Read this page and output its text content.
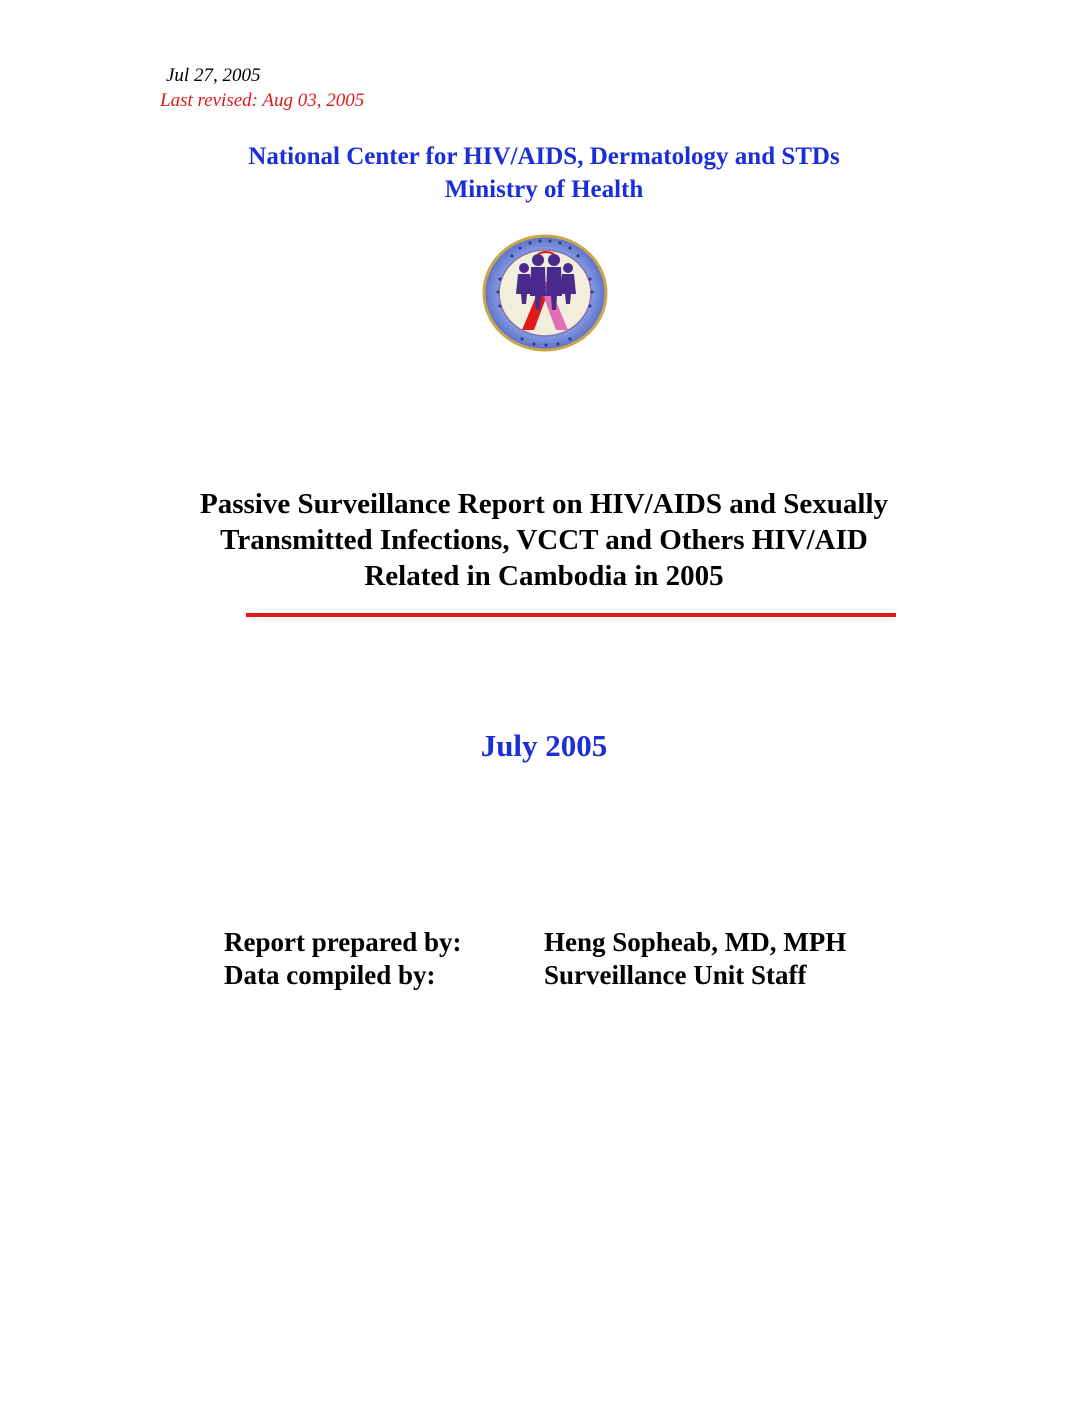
Jul 27, 2005
Last revised: Aug 03, 2005
National Center for HIV/AIDS, Dermatology and STDs
Ministry of Health
Passive Surveillance Report on HIV/AIDS and Sexually
Transmitted Infections, VCCT and Others HIV/AID
Related in Cambodia in 2005
July 2005
Report prepared by:	Heng Sopheab, MD, MPH
Data compiled by:	Surveillance Unit Staff
